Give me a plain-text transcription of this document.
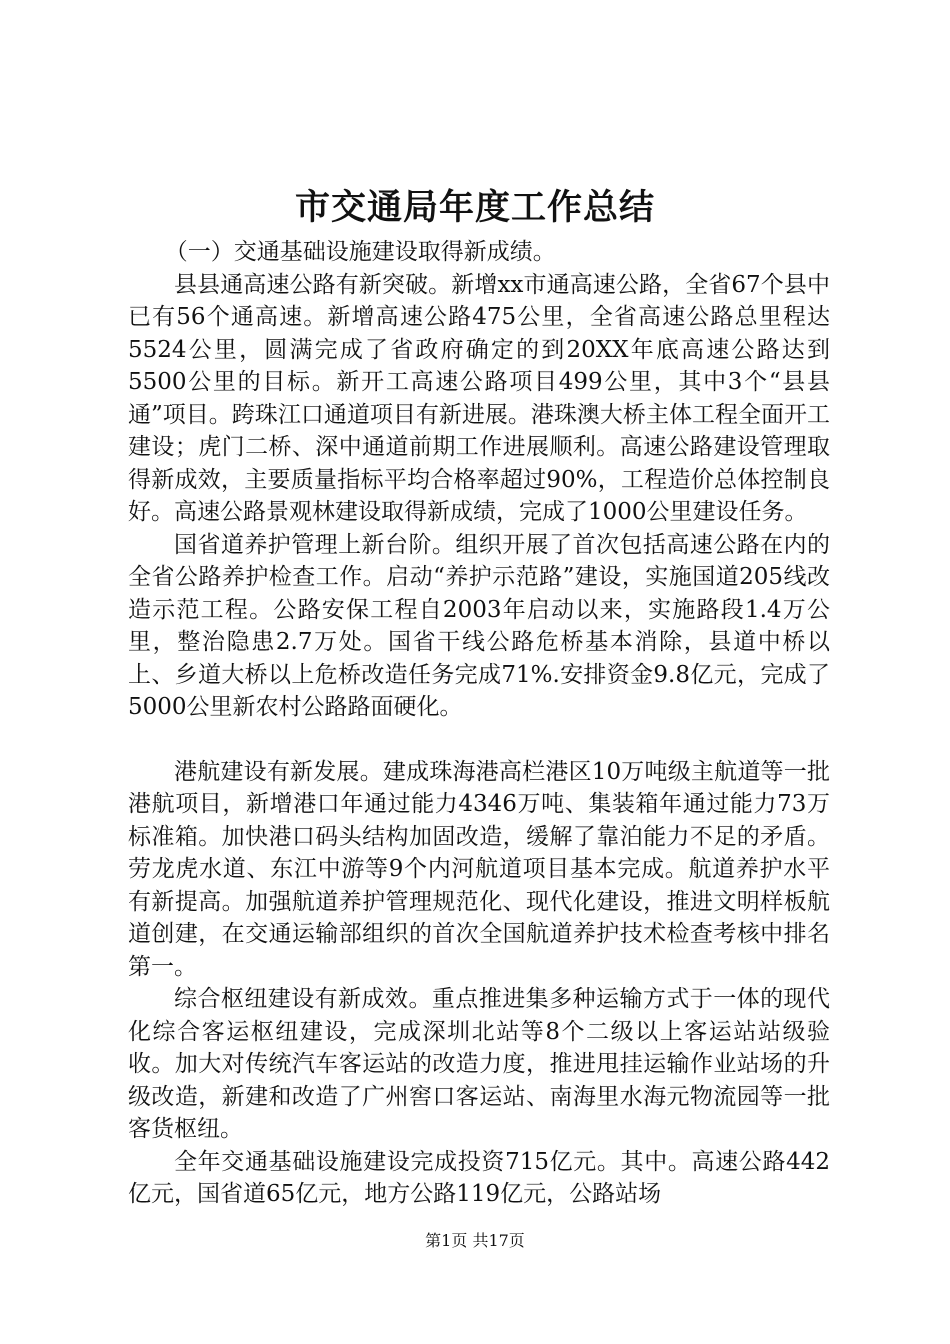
市交通局年度工作总结

（一）交通基础设施建设取得新成绩。

县县通高速公路有新突破。新增xx市通高速公路，全省67个县中已有56个通高速。新增高速公路475公里，全省高速公路总里程达5524公里，圆满完成了省政府确定的到20XX年底高速公路达到5500公里的目标。新开工高速公路项目499公里，其中3个“县县通”项目。跨珠江口通道项目有新进展。港珠澳大桥主体工程全面开工建设；虎门二桥、深中通道前期工作进展顺利。高速公路建设管理取得新成效，主要质量指标平均合格率超过90%，工程造价总体控制良好。高速公路景观林建设取得新成绩，完成了1000公里建设任务。

国省道养护管理上新台阶。组织开展了首次包括高速公路在内的全省公路养护检查工作。启动“养护示范路”建设，实施国道205线改造示范工程。公路安保工程自2003年启动以来，实施路段1.4万公里，整治隐患2.7万处。国省干线公路危桥基本消除，县道中桥以上、乡道大桥以上危桥改造任务完成71%.安排资金9.8亿元，完成了5000公里新农村公路路面硬化。

港航建设有新发展。建成珠海港高栏港区10万吨级主航道等一批港航项目，新增港口年通过能力4346万吨、集装箱年通过能力73万标准箱。加快港口码头结构加固改造，缓解了靠泊能力不足的矛盾。劳龙虎水道、东江中游等9个内河航道项目基本完成。航道养护水平有新提高。加强航道养护管理规范化、现代化建设，推进文明样板航道创建，在交通运输部组织的首次全国航道养护技术检查考核中排名第一。

综合枢纽建设有新成效。重点推进集多种运输方式于一体的现代化综合客运枢纽建设，完成深圳北站等8个二级以上客运站站级验收。加大对传统汽车客运站的改造力度，推进甩挂运输作业站场的升级改造，新建和改造了广州窖口客运站、南海里水海元物流园等一批客货枢纽。

全年交通基础设施建设完成投资715亿元。其中。高速公路442亿元，国省道65亿元，地方公路119亿元，公路站场

第1页 共17页
